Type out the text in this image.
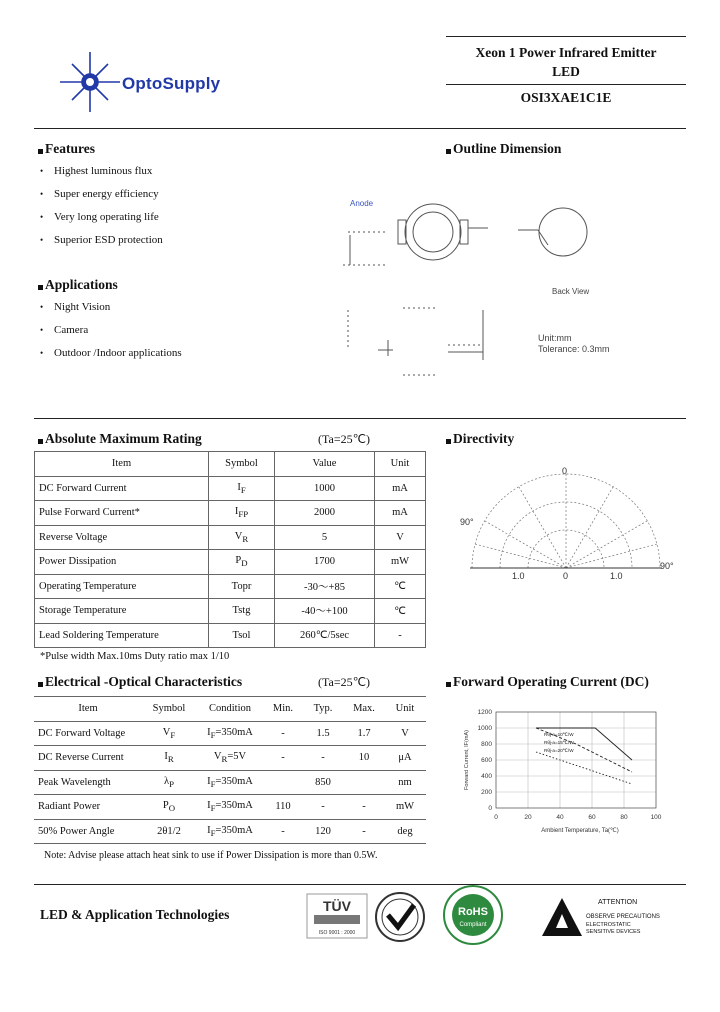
OptoSupply
Xeon 1 Power Infrared Emitter
LED
OSI3XAE1C1E
Features
• Highest luminous flux
• Super energy efficiency
• Very long operating life
• Superior ESD protection
Applications
• Night Vision
• Camera
• Outdoor /Indoor applications
Outline Dimension
Anode
Back View
Unit:mm
Tolerance: 0.3mm
Absolute Maximum Rating	(Ta=25℃)
Item	Symbol	Value	Unit
DC Forward Current	$I_F$	1000	mA
Pulse Forward Current*	$I_{FP}$	2000	mA
Reverse Voltage	$V_R$	5	V
Power Dissipation	$P_D$	1700	mW
Operating Temperature	Topr	-30～+85	℃
Storage Temperature	Tstg	-40～+100	℃
Lead Soldering Temperature	Tsol	260℃/5sec	-
*Pulse width Max.10ms Duty ratio max 1/10
Directivity
0
90°
90°
1.0	0	1.0
Electrical -Optical Characteristics	(Ta=25℃)
Item	Symbol	Condition	Min.	Typ.	Max.	Unit
DC Forward Voltage	$V_F$	$I_F=350mA$	-	1.5	1.7	V
DC Reverse Current	$I_R$	$V_R=5V$	-	-	10	μA
Peak Wavelength	$\lambda_P$	$I_F=350mA$		850		nm
Radiant Power	$P_O$	$I_F=350mA$	110	-	-	mW
50% Power Angle	2θ1/2	$I_F=350mA$	-	120	-	deg
Note: Advise please attach heat sink to use if Power Dissipation is more than 0.5W.
Forward Operating Current (DC)
0	20	40	60	80	100
0
200
400
600
800
1000
1200
Rθj-a=10℃/W
Rθj-a=15℃/W
Rθj-a=20℃/W
Ambient Temperature, Ta(℃)
Forward Current, IF(mA)
LED & Application Technologies
TÜV
ISO 9001 : 2000
RoHS
Compliant
ATTENTION
OBSERVE PRECAUTIONS
ELECTROSTATIC
SENSITIVE DEVICES
